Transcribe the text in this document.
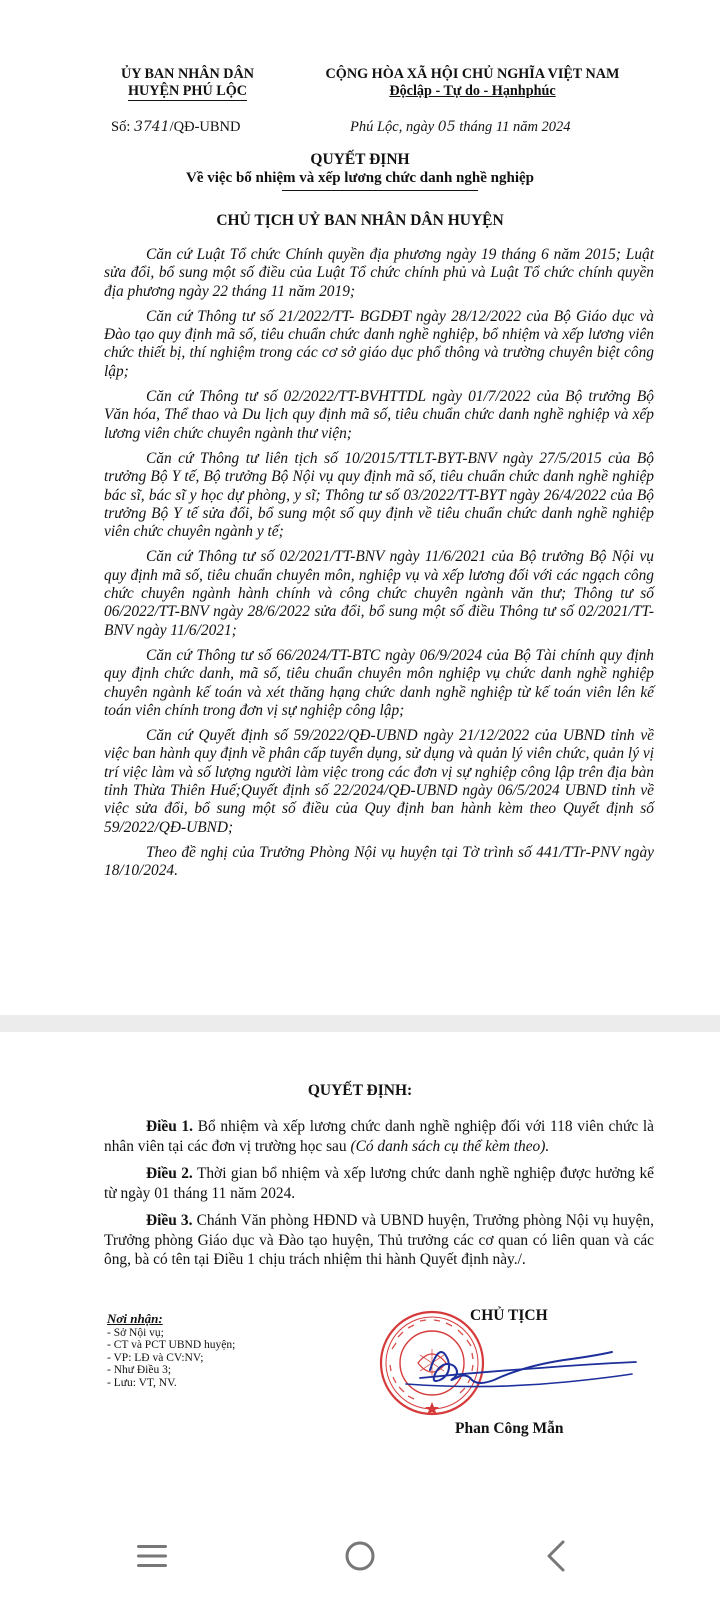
ỦY BAN NHÂN DÂN
HUYỆN PHÚ LỘC
CỘNG HÒA XÃ HỘI CHỦ NGHĨA VIỆT NAM
Độclập - Tự do - Hạnhphúc
Số: 3741/QĐ-UBND	Phú Lộc, ngày 05 tháng 11 năm 2024
QUYẾT ĐỊNH
Về việc bổ nhiệm và xếp lương chức danh nghề nghiệp
CHỦ TỊCH UỶ BAN NHÂN DÂN HUYỆN

Căn cứ Luật Tổ chức Chính quyền địa phương ngày 19 tháng 6 năm 2015; Luật sửa đổi, bổ sung một số điều của Luật Tổ chức chính phủ và Luật Tổ chức chính quyền địa phương ngày 22 tháng 11 năm 2019;

Căn cứ Thông tư số 21/2022/TT- BGDĐT ngày 28/12/2022 của Bộ Giáo dục và Đào tạo quy định mã số, tiêu chuẩn chức danh nghề nghiệp, bổ nhiệm và xếp lương viên chức thiết bị, thí nghiệm trong các cơ sở giáo dục phổ thông và trường chuyên biệt công lập;

Căn cứ Thông tư số 02/2022/TT-BVHTTDL ngày 01/7/2022 của Bộ trưởng Bộ Văn hóa, Thể thao và Du lịch quy định mã số, tiêu chuẩn chức danh nghề nghiệp và xếp lương viên chức chuyên ngành thư viện;

Căn cứ Thông tư liên tịch số 10/2015/TTLT-BYT-BNV ngày 27/5/2015 của Bộ trưởng Bộ Y tế, Bộ trưởng Bộ Nội vụ quy định mã số, tiêu chuẩn chức danh nghề nghiệp bác sĩ, bác sĩ y học dự phòng, y sĩ; Thông tư số 03/2022/TT-BYT ngày 26/4/2022 của Bộ trưởng Bộ Y tế sửa đổi, bổ sung một số quy định về tiêu chuẩn chức danh nghề nghiệp viên chức chuyên ngành y tế;

Căn cứ Thông tư số 02/2021/TT-BNV ngày 11/6/2021 của Bộ trưởng Bộ Nội vụ quy định mã số, tiêu chuẩn chuyên môn, nghiệp vụ và xếp lương đối với các ngạch công chức chuyên ngành hành chính và công chức chuyên ngành văn thư; Thông tư số 06/2022/TT-BNV ngày 28/6/2022 sửa đổi, bổ sung một số điều Thông tư số 02/2021/TT-BNV ngày 11/6/2021;

Căn cứ Thông tư số 66/2024/TT-BTC ngày 06/9/2024 của Bộ Tài chính quy định quy định chức danh, mã số, tiêu chuẩn chuyên môn nghiệp vụ chức danh nghề nghiệp chuyên ngành kế toán và xét thăng hạng chức danh nghề nghiệp từ kế toán viên lên kế toán viên chính trong đơn vị sự nghiệp công lập;

Căn cứ Quyết định số 59/2022/QĐ-UBND ngày 21/12/2022 của UBND tỉnh về việc ban hành quy định về phân cấp tuyển dụng, sử dụng và quản lý viên chức, quản lý vị trí việc làm và số lượng người làm việc trong các đơn vị sự nghiệp công lập trên địa bàn tỉnh Thừa Thiên Huế;Quyết định số 22/2024/QĐ-UBND ngày 06/5/2024 UBND tỉnh về việc sửa đổi, bổ sung một số điều của Quy định ban hành kèm theo Quyết định số 59/2022/QĐ-UBND;

Theo đề nghị của Trưởng Phòng Nội vụ huyện tại Tờ trình số 441/TTr-PNV ngày 18/10/2024.

QUYẾT ĐỊNH:

Điều 1. Bổ nhiệm và xếp lương chức danh nghề nghiệp đối với 118 viên chức là nhân viên tại các đơn vị trường học sau (Có danh sách cụ thể kèm theo).

Điều 2. Thời gian bổ nhiệm và xếp lương chức danh nghề nghiệp được hưởng kể từ ngày 01 tháng 11 năm 2024.

Điều 3. Chánh Văn phòng HĐND và UBND huyện, Trưởng phòng Nội vụ huyện, Trưởng phòng Giáo dục và Đào tạo huyện, Thủ trưởng các cơ quan có liên quan và các ông, bà có tên tại Điều 1 chịu trách nhiệm thi hành Quyết định này./.

Nơi nhận:
- Sở Nội vụ;
- CT và PCT UBND huyện;
- VP: LĐ và CV:NV;
- Như Điều 3;
- Lưu: VT, NV.
CHỦ TỊCH
Phan Công Mẫn
